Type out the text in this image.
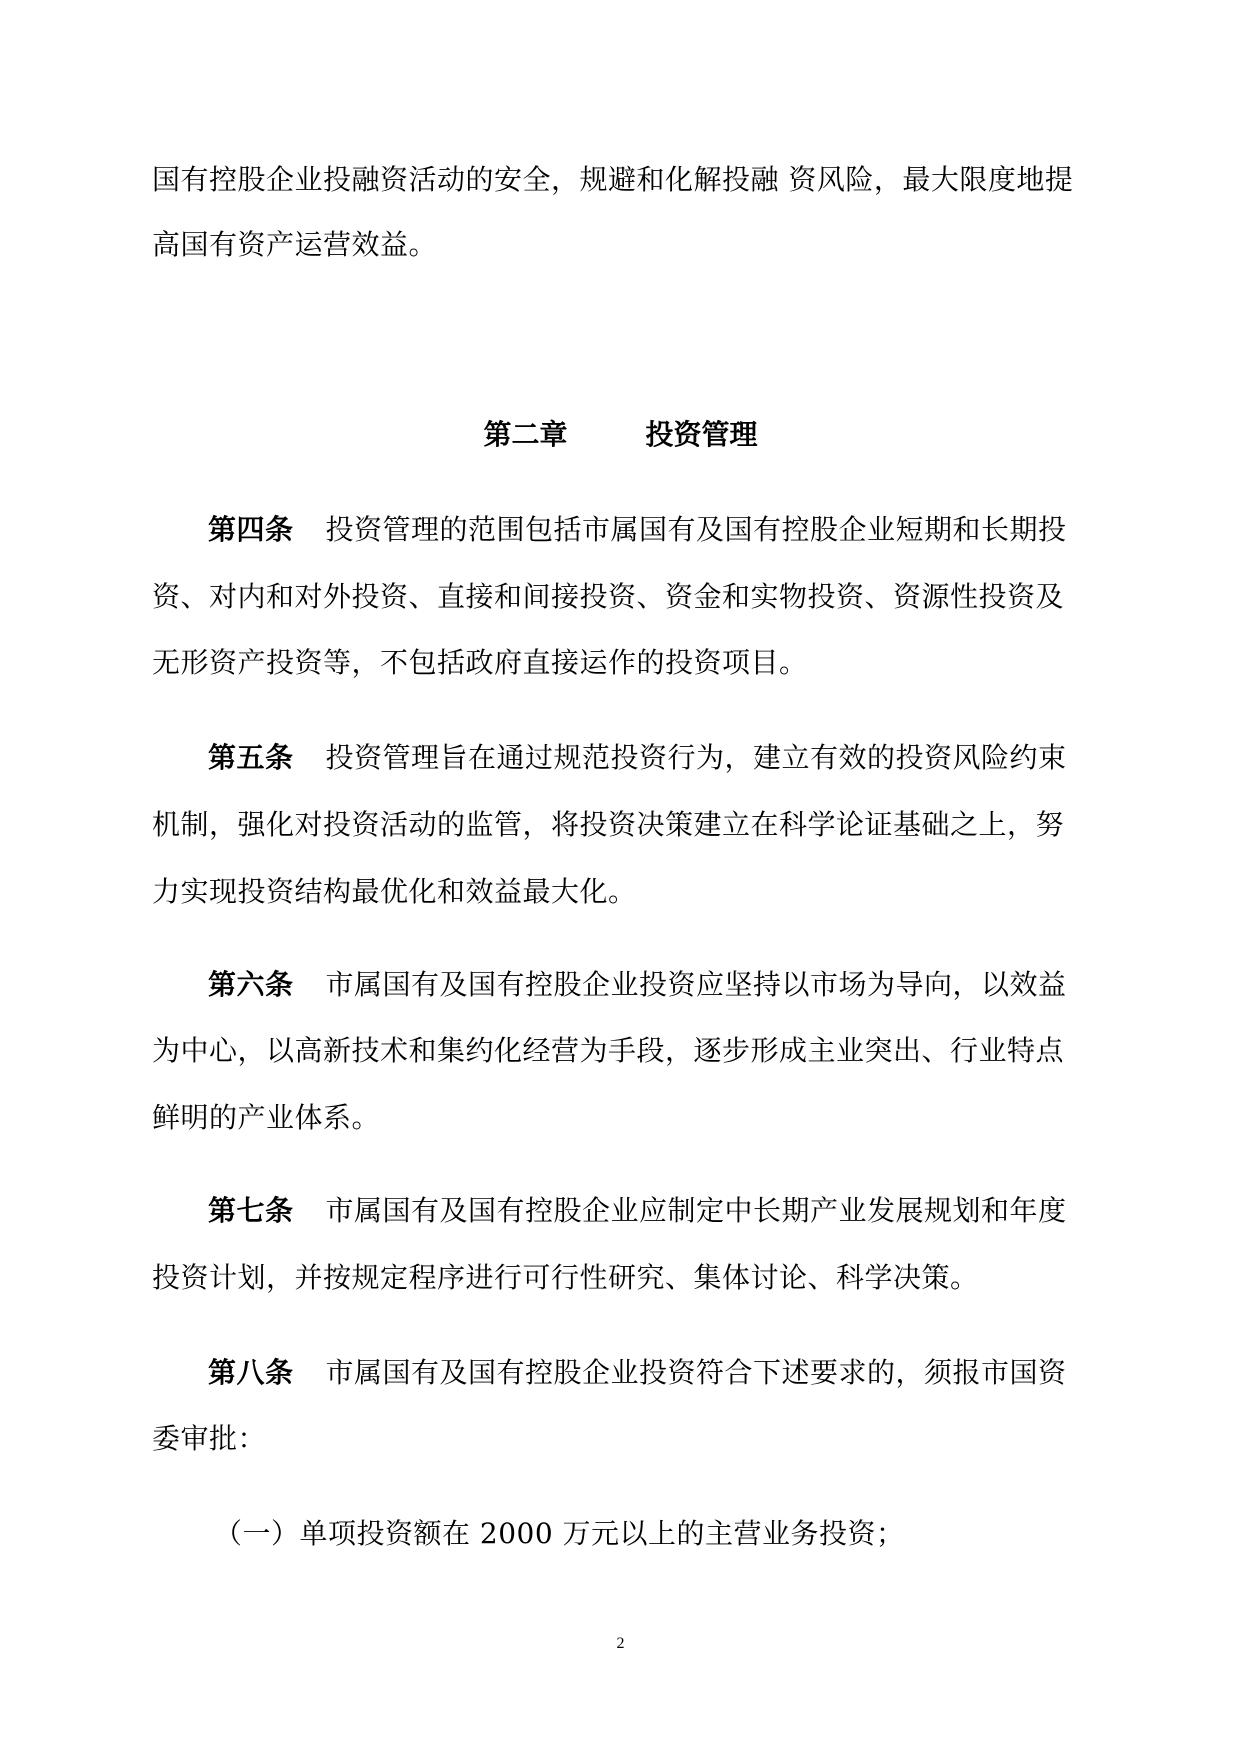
国有控股企业投融资活动的安全，规避和化解投融 资风险，最大限度地提
高国有资产运营效益。
第二章	投资管理
第四条 投资管理的范围包括市属国有及国有控股企业短期和长期投
资、对内和对外投资、直接和间接投资、资金和实物投资、资源性投资及
无形资产投资等，不包括政府直接运作的投资项目。
第五条 投资管理旨在通过规范投资行为，建立有效的投资风险约束
机制，强化对投资活动的监管，将投资决策建立在科学论证基础之上，努
力实现投资结构最优化和效益最大化。
第六条 市属国有及国有控股企业投资应坚持以市场为导向，以效益
为中心，以高新技术和集约化经营为手段，逐步形成主业突出、行业特点
鲜明的产业体系。
第七条 市属国有及国有控股企业应制定中长期产业发展规划和年度
投资计划，并按规定程序进行可行性研究、集体讨论、科学决策。
第八条 市属国有及国有控股企业投资符合下述要求的，须报市国资
委审批：
（一）单项投资额在 2000 万元以上的主营业务投资；
2
